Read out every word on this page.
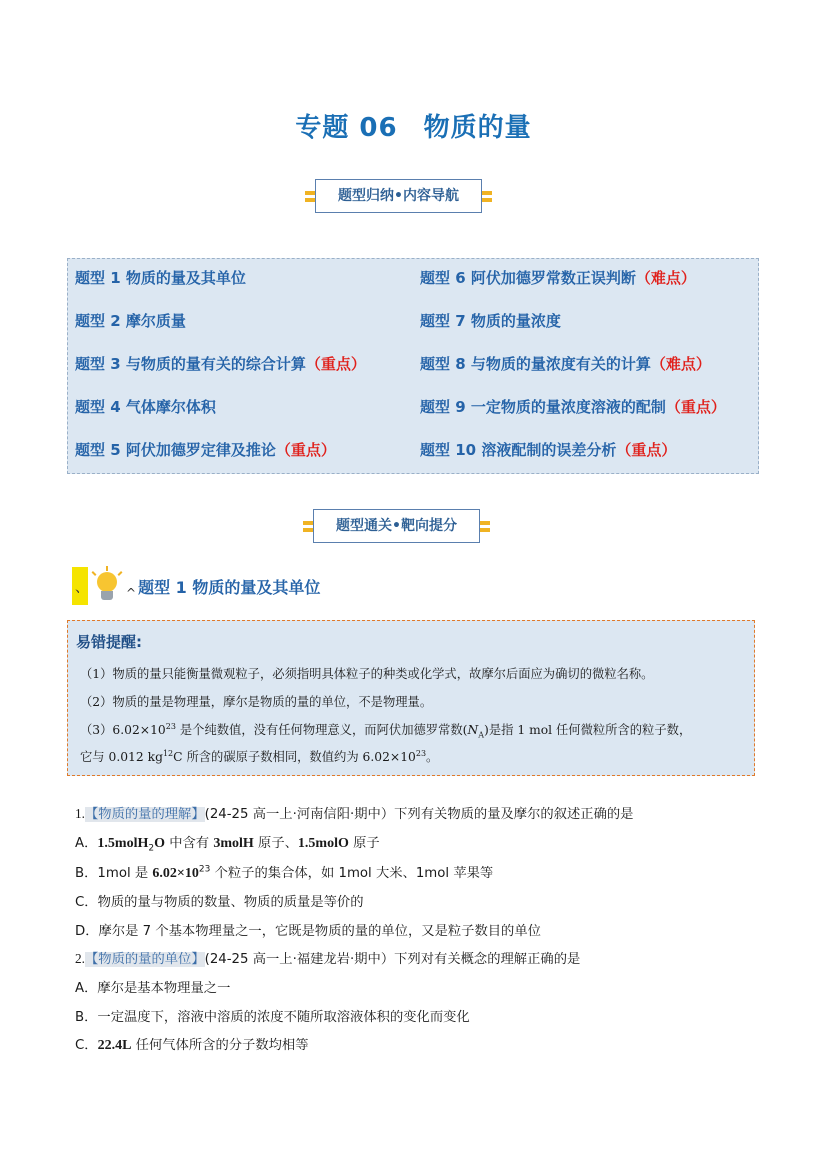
专题 06 物质的量
题型归纳•内容导航
题型 1 物质的量及其单位
题型 2 摩尔质量
题型 3 与物质的量有关的综合计算（重点）
题型 4 气体摩尔体积
题型 5 阿伏加德罗定律及推论（重点）
题型 6 阿伏加德罗常数正误判断（难点）
题型 7 物质的量浓度
题型 8 与物质的量浓度有关的计算（难点）
题型 9 一定物质的量浓度溶液的配制（重点）
题型 10 溶液配制的误差分析（重点）
题型通关•靶向提分
、	^ 题型 1 物质的量及其单位
易错提醒:
（1）物质的量只能衡量微观粒子，必须指明具体粒子的种类或化学式，故摩尔后面应为确切的微粒名称。
（2）物质的量是物理量，摩尔是物质的量的单位，不是物理量。
$(3)6.02\times 10^{23}$ 是个纯数值，没有任何物理意义，而阿伏加德罗常数$(N_A)$是指 1 mol 任何微粒所含的粒子数，
它与 0.012 $kg^{12}C$ 所含的碳原子数相同，数值约为 $6.02\times 10^{23}$。
1.【物质的量的理解】(24-25 高一上·河南信阳·期中）下列有关物质的量及摩尔的叙述正确的是
A．1.5molH$_2$O 中含有 3molH 原子、1.5molO 原子
B．1mol 是 $6.02\times 10^{23}$ 个粒子的集合体，如 1mol 大米、1mol 苹果等
C．物质的量与物质的数量、物质的质量是等价的
D．摩尔是 7 个基本物理量之一，它既是物质的量的单位，又是粒子数目的单位
2.【物质的量的单位】(24-25 高一上·福建龙岩·期中）下列对有关概念的理解正确的是
A．摩尔是基本物理量之一
B．一定温度下，溶液中溶质的浓度不随所取溶液体积的变化而变化
C．22.4L 任何气体所含的分子数均相等
